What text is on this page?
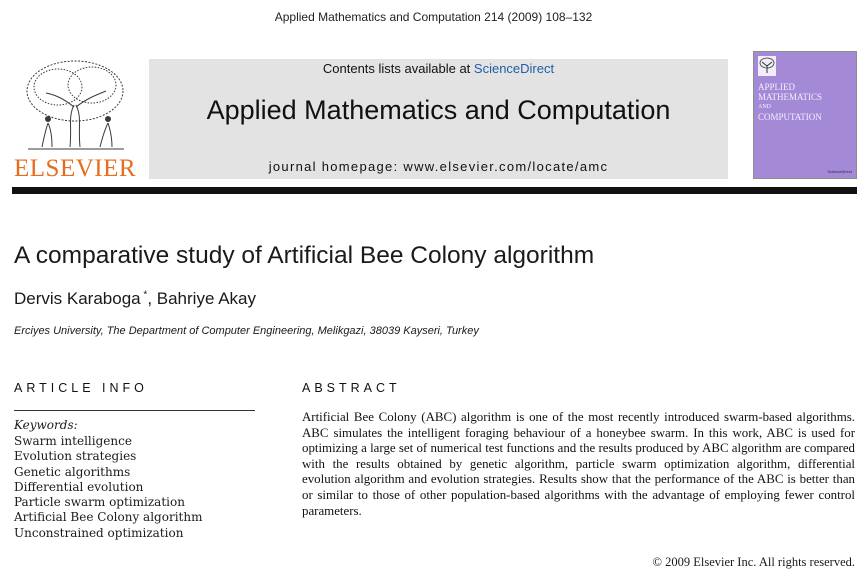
Applied Mathematics and Computation 214 (2009) 108–132
ELSEVIER
Contents lists available at ScienceDirect
Applied Mathematics and Computation
journal homepage: www.elsevier.com/locate/amc
APPLIED
MATHEMATICS
AND
COMPUTATION
ScienceDirect
A comparative study of Artificial Bee Colony algorithm
Dervis Karaboga *, Bahriye Akay
Erciyes University, The Department of Computer Engineering, Melikgazi, 38039 Kayseri, Turkey
ARTICLE INFO
Keywords:
Swarm intelligence
Evolution strategies
Genetic algorithms
Differential evolution
Particle swarm optimization
Artificial Bee Colony algorithm
Unconstrained optimization
ABSTRACT

Artificial Bee Colony (ABC) algorithm is one of the most recently introduced swarm-based algorithms. ABC simulates the intelligent foraging behaviour of a honeybee swarm. In this work, ABC is used for optimizing a large set of numerical test functions and the results produced by ABC algorithm are compared with the results obtained by genetic algorithm, particle swarm optimization algorithm, differential evolution algorithm and evolution strategies. Results show that the performance of the ABC is better than or similar to those of other population-based algorithms with the advantage of employing fewer control parameters.

© 2009 Elsevier Inc. All rights reserved.
